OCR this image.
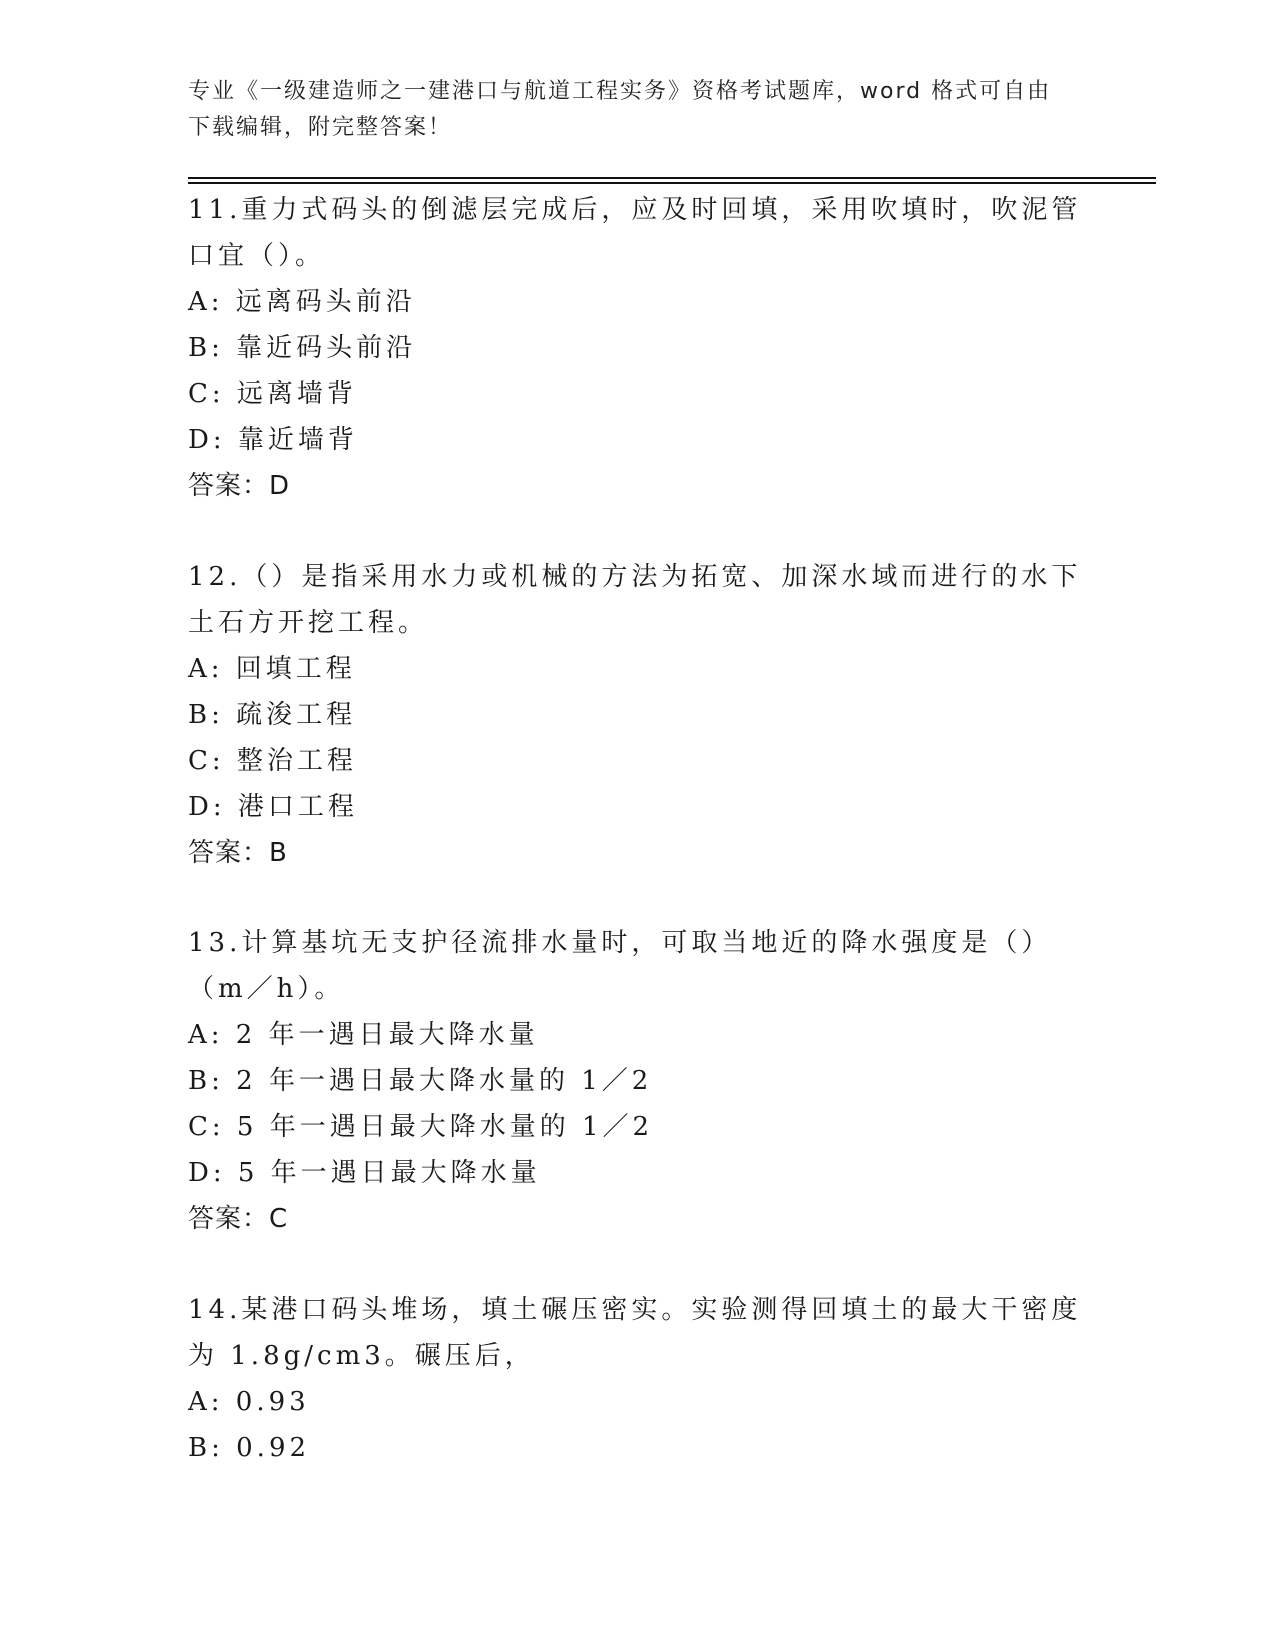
专业《一级建造师之一建港口与航道工程实务》资格考试题库，word 格式可自由下载编辑，附完整答案！

11.重力式码头的倒滤层完成后，应及时回填，采用吹填时，吹泥管口宜（）。

A: 远离码头前沿

B: 靠近码头前沿

C: 远离墙背

D: 靠近墙背

答案：D

12.（）是指采用水力或机械的方法为拓宽、加深水域而进行的水下土石方开挖工程。

A: 回填工程

B: 疏浚工程

C: 整治工程

D: 港口工程

答案：B

13.计算基坑无支护径流排水量时，可取当地近的降水强度是（）（m／h）。

A: 2 年一遇日最大降水量

B: 2 年一遇日最大降水量的 1／2

C: 5 年一遇日最大降水量的 1／2

D: 5 年一遇日最大降水量

答案：C

14.某港口码头堆场，填土碾压密实。实验测得回填土的最大干密度为 1.8g/cm3。碾压后，

A: 0.93

B: 0.92
